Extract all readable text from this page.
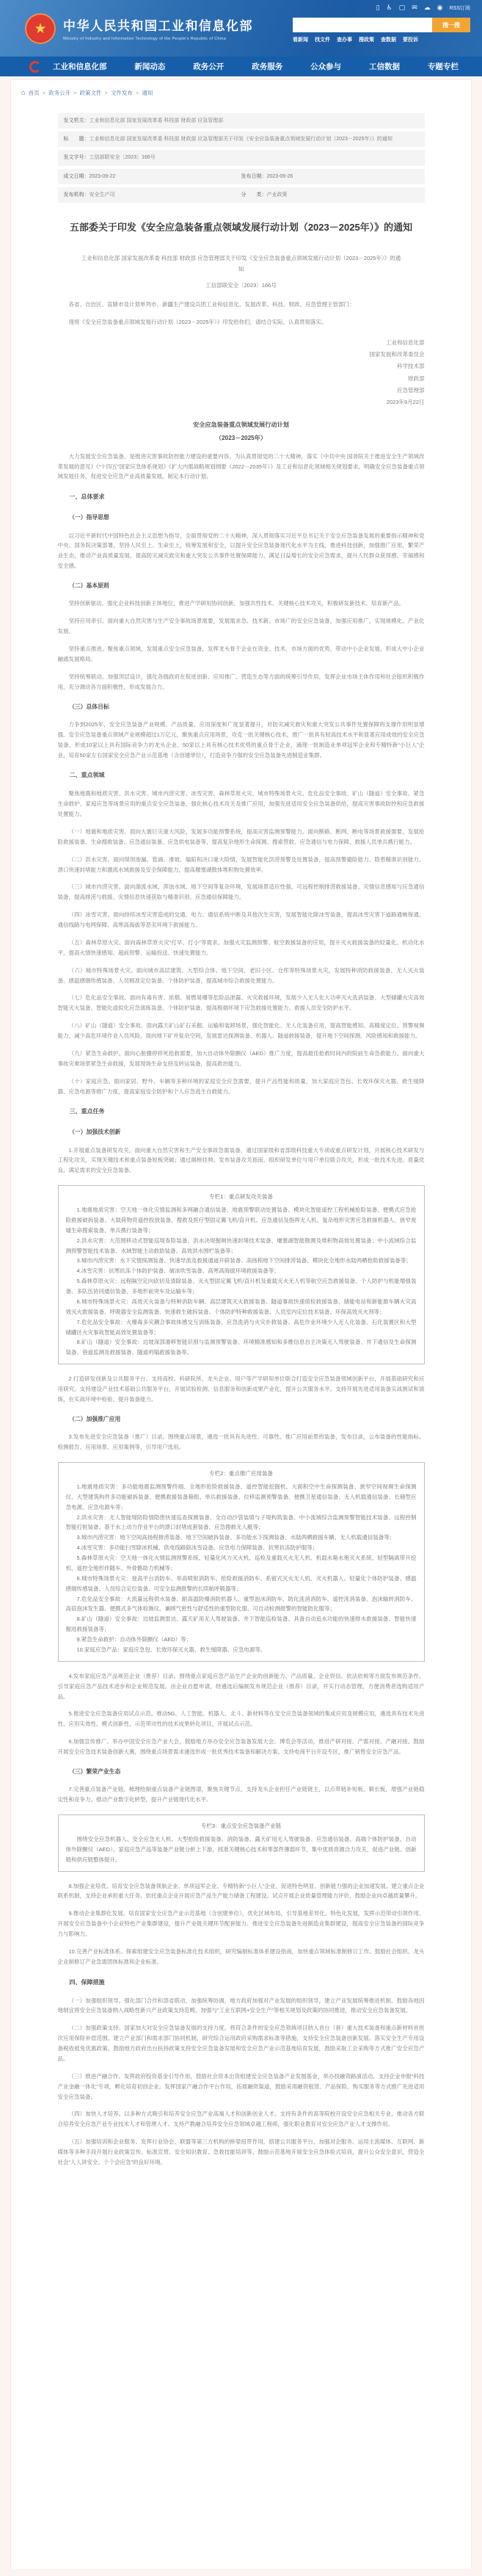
▯ ♿ ▢ ✉ ☁ ◉ RSS订阅
★	中华人民共和国工业和信息化部
Ministry of Industry and Information Technology of the People's Republic of China
搜一搜
看新闻 找文件 查办事 搜政策 查数据 要投诉
工业和信息化部	新闻动态	政务公开	政务服务	公众参与	工信数据	专题专栏
⌂ 首页 > 政务公开 > 政策文件 > 文件发布 > 通知
发文机关： 工业和信息化部 国家发展改革委 科技部 财政部 应急管理部
标　　题： 工业和信息化部 国家发展改革委 科技部 财政部 应急管理部关于印发《安全应急装备重点领域发展行动计划（2023－2025年）》的通知
发文字号： 工信部联安全〔2023〕166号
成文日期： 2023-09-22	发布日期： 2023-09-26
发布机构： 安全生产司	分　　类： 产业政策
五部委关于印发《安全应急装备重点领域发展行动计划（2023－2025年）》的通知
工业和信息化部 国家发展改革委 科技部 财政部 应急管理部关于印发《安全应急装备重点领域发展行动计划（2023－2025年）》的通知
工信部联安全〔2023〕166号
各省、自治区、直辖市及计划单列市、新疆生产建设兵团工业和信息化、发展改革、科技、财政、应急管理主管部门：
现将《安全应急装备重点领域发展行动计划（2023－2025年）》印发给你们，请结合实际，认真贯彻落实。
工业和信息化部
国家发展和改革委员会
科学技术部
财政部
应急管理部
2023年9月22日
安全应急装备重点领域发展行动计划
（2023－2025年）
大力发展安全应急装备，是推进灾害事故防控能力建设的重要内容。为认真贯彻党的二十大精神，落实《中共中央 国务院关于推进安全生产领域改革发展的意见》《“十四五”国家应急体系规划》《扩大内需战略规划纲要（2022－2035年）》及工业和信息化领域相关规划要求，明确安全应急装备重点领域发展任务，促进安全应急产业高质量发展，制定本行动计划。
一、总体要求
（一）指导思想
以习近平新时代中国特色社会主义思想为指导，全面贯彻党的二十大精神，深入贯彻落实习近平总书记关于安全应急装备发展的重要指示精神和党中央、国务院决策部署，坚持人民至上、生命至上，统筹发展和安全，以提升安全应急装备现代化水平为主线，推进科技创新，加强推广应用，繁荣产业生态，推动产业高质量发展，提高防灾减灾救灾和重大突发公共事件处置保障能力，满足日益增长的安全应急需求，提升人民群众获得感、幸福感和安全感。
（二）基本原则
坚持创新驱动。强化企业科技创新主体地位，推进产学研用协同创新，加强共性技术、关键核心技术攻关，积极研发新技术、培育新产品。
坚持应用牵引。面向重大自然灾害与生产安全事故场景需要，发展需求急、技术新、市场广的安全应急装备，加强应用推广，实现规模化、产业化发展。
坚持重点推进。聚焦重点领域，发展重点安全应急装备，发挥龙头骨干企业在资金、技术、市场方面的优势，带动中小企业发展，形成大中小企业融通发展格局。
坚持统筹联动。加强顶层设计，强化各级政府在促进创新、应用推广、营造生态等方面的统筹引导作用，发挥企业市场主体作用和社会组织积极作用，充分调动各方面积极性，形成发展合力。
（三）总体目标
力争到2025年，安全应急装备产业规模、产品质量、应用深度和广度显著提升，对防灾减灾救灾和重大突发公共事件处置保障的支撑作用明显增强。安全应急装备重点领域产业规模超过1万亿元，聚焦重点应用场景，攻克一批关键核心技术，推广一批具有较高技术水平和显著应用成效的安全应急装备，形成10家以上具有国际竞争力的龙头企业、50家以上具有核心技术优势的重点骨干企业，涌现一批制造业单项冠军企业和专精特新“小巨人”企业，培育50家左右国家安全应急产业示范基地（含创建单位），打造竞争力强的安全应急装备先进制造业集群。
二、重点领域
聚焦地震和地质灾害、洪水灾害、城市内涝灾害、冰雪灾害、森林草原火灾、城市特殊场景火灾、危化品安全事故、矿山（隧道）安全事故、紧急生命救护、家庭应急等场景应用的重点安全应急装备，强化核心技术攻关及推广应用，加强先进适用安全应急装备供给，提高灾害事故防控和应急救援处置能力。
（一）地震和地质灾害。面向大震巨灾重大风险，发展多功能预警系统，提高灾害监测预警能力。面向断路、断网、断电等场景救援需要，发展抢险救援装备、生命搜救装备、应急通信装备、应急供电装备等，提高复杂地形生命探测、搜索营救、应急通信与电力保障、救援人员单兵携行能力。
（二）洪水灾害。面向堤坝渗漏、管涌、滑坡、塌陷和决口重大险情，发展智能化洪涝预警及处置装备，提高预警避险能力、隐患精准识别能力、溃口快速封堵能力和激流水域救援及安全保障能力，提高堰塞湖散体堆积物处置效率。
（三）城市内涝灾害。面向湍流水域、浑浊水域、地下空间等复杂环境，发展场景适应性强、可远程控制排涝救援装备、灾情信息感知与应急通信装备，提高排涝与救援、灾情信息快速获取与精准识别、应急通信保障能力。
（四）冰雪灾害。面向持续冰雪灾害造成的交通、电力、通信系统中断及其他次生灾害，发展智能化除冰雪装备，提高冰雪灾害下道路通畅保通、通信线路与电网保障、高寒高海拔等恶劣环境下救援能力。
（五）森林草原火灾。面向森林草原火灾“打早、打小”等需求，加强火灾监测预警、航空救援装备的应用，提升灭火救援装备的轻量化、机动化水平，提高火情快速感知、超前预警、运输投送、快速处置能力。
（六）城市特殊场景火灾。面向城市高层建筑、大型综合体、地下空间、老旧小区、仓库等特殊场景火灾，发展特种消防救援装备、无人灭火装备、感温感烟传感装备、人员精准定位装备、个体防护装备，提高城市综合救援处置能力。
（七）危化品安全事故。面向有毒有害、浓烟、易燃易爆等危险品泄露、火灾救援环境，发展少人无人化大功率灭火洗消装备、大型储罐火灾高效智能灭火装备、智能化虚拟化应急演练装备、个体防护装备，提高极端环境下应急救援处置能力、救援人员安全防护水平。
（八）矿山（隧道）安全事故。面向露天矿山矿石采掘、运输和装卸场景，强化智能化、无人化装备应用，提高智能感知、高精度定位、预警视频能力，减少高危环境作业人员风险。面向地下矿井复杂空间，发展雷达探测装备、机器人、隧道救援装备，提升地下空间探测、风险感知和救援能力。
（九）紧急生命救护。面向心脏骤停猝死抢救需要，加大自动体外除颤仪（AED）推广力度，提高最佳抢救时间内的院前生命急救能力。面向重大事故灾难场景紧急生命救援，发展现场生命支持及转运装备，提高救治能力。
（十）家庭应急。面向家居、野外、车辆等多种环境的家庭安全应急需要，提升产品性能和质量，加大家庭应急包、长效环保灭火器、救生缓降器、应急电源等推广力度，提高家庭安全防护和个人应急逃生自救能力。
三、重点任务
（一）加强技术创新
1.开展重点装备研发攻关。面向重大自然灾害和生产安全事故急需装备，通过国家级和省部级科技重大专项或重点研发计划，开展核心技术研发与工程化攻关，实现关键技术和重点装备短板突破；通过揭榜挂帅，发布装备攻关指南，组织研发单位与用户单位联合攻关，形成一批技术先进、质量优良、满足需求的安全应急装备。
专栏1：重点研发攻关装备
1.地震地质灾害：空天地一体化灾情监测和多网融合通信装备、地震预警联动处置装备、模块化智能遥控工程机械抢险装备、便携式应急抢险救援破拆装备、大载荷物资遥控投放装备、搜救及医疗型固定翼飞机/直升机、应急通信及指挥无人机、复杂地形灾害应急救援机器人、狭窄废墟生命搜索装备、单兵携行装备等；
2.洪水灾害：大范围移动式智能巡堤查险装备、洪水决堤掘闸快速封堵技术装备、堰塞湖智能勘测及堆积物高效处置装备；中小流域综合监测预警智能技术装备、水域智能主动救助装备、高效洪水围栏装备等；
3.城市内涝灾害：水下灾情探测装备、快速导流及救援通道开辟装备、高扬程地下空间排涝装备、模块化全地形水陆两栖抢险救援装备等；
4.冰雪灾害：抗寒抗冻个体防护装备、破冰吹雪装备、高寒高海拔环境救援装备等；
5.森林草原火灾：远程隔空定向砍切及清除装备、灭火型固定翼飞机/直升机及重载灭火无人机等航空应急救援装备、个人防护与机能增强装备、多队伍协同通信装备、多地形前突车及运输车等；
6.城市特殊场景火灾：高效灭火装备与特种消防车辆、高层建筑灭火救援装备、隧道事故快速侦检救援装备、储能电站和新能源车辆火灾高效灭火救援装备、呼吸器安全监测装备、快速救生破拆装备、个体防护特种救援装备、人员室内定位技术装备、环保高效灭火剂等；
7.危化品安全事故：火爆毒多灾耦合事故体感交互训练装备、应急洗消与火灾扑救装备、高危作业环境少人无人化装备、石化装置区和大型储罐区火灾事故智能高效处置装备等；
8.矿山（隧道）安全事故：边坡深部滑移智能识别与监测预警装备、环境精准感知和多维信息自主决策无人驾驶装备、井下通信及生命探测装备、巷道监测及救援装备、隧道坍塌救援装备等。
2.打造研发创新及公共服务平台。支持高校、科研院所、龙头企业、用户等产学研用单位联合打造安全应急装备领域创新平台，开展基础研究和应用研究。支持建设产业技术基础公共服务平台，开展试验检测、信息服务和创新成果产业化，提升公共服务水平。支持开展先进适用装备实战测试和演练，在实战环境中检验、提升装备能力。
（二）加强推广应用
3.发布先进安全应急装备（推广）目录。围绕重点场景，遴选一批具有先进性、可靠性、推广应用前景的装备，发布目录，公布装备的性能指标、检测报告、应用场景、应用案例等，引导用户选用。
专栏2：重点推广应用装备
1.地震地质灾害：多功能地震监测预警终端、全地形抢险救援装备、遥控智能挖掘机、大面积空中生命探测装备、狭窄空间视频生命探测仪、大型建筑构件多功能破拆装备、便携救援装备箱组、单兵救援装备、位移监测预警装备、便携卫星通信装备、无人机载通信装备、长储型应急电源、应急电源车等；
2.洪水灾害：无人智能堤防险情隐患快速巡查探测装备、全自动沙袋装填与子堤构筑装备、中小流域综合监测预警智能技术装备、远程控制智能打桩装备、基于水上动力作业平台的溃口封堵成套装备、应急搜救无人艇等；
3.城市内涝灾害：地下空间高扬程排涝装备、地下空间破拆装备、多功能水下探测装备、水陆两栖救援车辆、无人机载通信装备等；
4.冰雪灾害：多功能扫雪除冰机械、供电线路除冰雪设备、应急电力保障装备、抗寒抗冻防护服等；
5.森林草原火灾：空天地一体化火情监测预警系统、轻量化风力灭火机、巡检及重载灭火无人机、机载水箱水炮灭火系统、轻型隔离带开挖机、遥控全地形伴随车、外骨骼助力机械等；
6.城市特殊场景火灾：登高平台消防车、举高喷射消防车、抢险救援消防车、系留式灭火无人机、灭火机器人、轻量化个体防护装备、感温感烟传感装备、人员综合定位装备、可安全监测报警的长续航呼吸器等；
7.危化品安全事故：大流量远程供水装备、耐高温防爆消防机器人、重型泡沫消防车、防化洗消消防车、遥控洗消装备、泡沫输转消防车、高倍泡沫发生器、便携式多气体检测仪、兼顾气密性与舒适性的重型防化服、可自动检测报警的智能防化服等；
8.矿山（隧道）安全事故：边坡监测雷达、露天矿用无人驾驶装备、井下智能巡检装备、具备自动追水功能的快速排水救援装备、智能快速掘进救援装备等；
9.紧急生命救护：自动体外除颤仪（AED）等；
10.家庭应急产品：家庭应急包、长效环保灭火器、救生缓降器、应急电源等。
4.发布家庭应急产品规范企业（推荐）目录。围绕重点家庭应急产品生产企业的创新能力、产品质量、企业资信、依法依规等方面发布规范条件，引导家庭应急产品技术进步和企业规范发展。由企业自愿申请，经遴选后编制发布规范企业（推荐）目录，并实行动态管理，方便消费者选购适用产品。
5.推进安全应急装备应用试点示范。推动5G、人工智能、机器人、北斗、新材料等在安全应急装备领域的集成应用及规模应用，遴选具有技术先进性、应用实效性、模式创新性、示范带动性的技术成果转化项目，开展试点示范。
6.加强宣传推广。举办中国安全应急产业大会，鼓励地方举办安全应急装备发展大会、博览会等活动，推进产研对接、产需对接、产融对接。鼓励开展安全应急技术装备创新大赛，围绕重点场景需求遴选形成一批优秀技术装备和解决方案。支持电商平台开设专区，推广销售安全应急产品。
（三）繁荣产业生态
7.完善重点装备产业链。梳理绘制重点装备产业链图谱，聚焦关键节点，支持龙头企业担任产业链链主，以点带链补短板、锻长板，增强产业链稳定性和竞争力。推动产业数字化转型，提升产业链现代化水平。
专栏3：重点安全应急装备产业链
围绕安全应急机器人、安全应急无人机、大型抢险救援装备、消防装备、露天矿用无人驾驶装备、应急通信装备、高端个体防护装备、自动体外除颤仪（AED）、家庭应急产品等装备产业链分析上下游，找准关键核心技术和零部件薄弱环节，集中优质资源合力攻关，促进产业链、创新链和供应链整体提升。
8.加强企业培优。培育安全应急装备领航企业、单项冠军企业、专精特新“小巨人”企业，促进特色明显、创新能力强的企业加速发展。建立重点企业联系机制，支持企业承担重大任务。依托重点企业开展应急产品生产能力储备工程建设。试点开展企业质量管理能力评价，鼓励企业向卓越质量攀升。
9.推动企业集群化发展。培育国家安全应急产业示范基地（含创建单位），优化区域布局，引导基地差异化、特色化发展，发挥示范带动引领作用。开展安全应急装备中小企业特色产业集群建设，提升产业链关键环节配套能力。推进安全应急装备先进制造业集群建设，提高安全应急装备的国际竞争力与影响力。
10.完善产业标准体系。探索组建安全应急装备标准化技术组织，研究编制标准体系建设指南，加快重点领域标准制修订工作。鼓励社会组织、龙头企业制修订产业急需团体标准和企业标准。
四、保障措施
（一）加强组织领导。强化部门合作和部省联动，加强统筹协调，地方政府加强对产业发展的组织领导，建立产业发展统筹推进机制。鼓励各地因地制宜将安全应急装备纳入战略性新兴产业政策支持范畴，加强与“工业互联网+安全生产”等相关规划及政策的协同推进，推动安全应急装备发展。
（二）加强政策支持。国家加大对安全应急装备发展的支持力度。将符合条件的安全应急领域项目纳入首台（套）重大技术装备和重点新材料首批次应用保险补偿范围。建立产业部门和需求部门协同机制，研究综合运用政府采购需求标准等措施，支持安全应急装备创新发展。落实安全生产专用设备税收抵免优惠政策。鼓励地方政府出台扶持政策支持安全应急装备发展和安全应急产业示范基地培育发展，鼓励采取工会采购等方式推广安全应急产品。
（三）推进产融合作。发挥政府投资基金引导作用，鼓励社会资本出资组建安全应急装备产业发展基金，举办投融资路演活动。支持企业申报“科技产业金融一体化”专项，孵化培育初创企业。发挥国家产融合作平台作用，拓展融资渠道，鼓励采用融资租赁、产品保险、购买服务等方式推广先进适用安全应急装备。
（四）加快人才培养。以多种方式吸引和培养安全应急产业高端人才和创新创业人才。支持有条件的高等院校开设安全应急相关专业，推动各方联合培养安全应急产业专业技术人才和管理人才。支持产教融合培养安全应急领域卓越工程师，强化职业教育对安全应急产业人才支撑作用。
（五）加强培训和企业服务。发挥行业协会、联盟等第三方机构的桥梁纽带作用，搭建公共服务平台，加强对企服务。运用主流媒体、互联网、新媒体等多种手段开展行业政策宣传、标准宣贯、安全知识教育、急救技能培训等。鼓励示范基地开展安全应急体验式培训，提升公众安全意识，营造全社会“人人讲安全、个个会应急”的良好环境。
